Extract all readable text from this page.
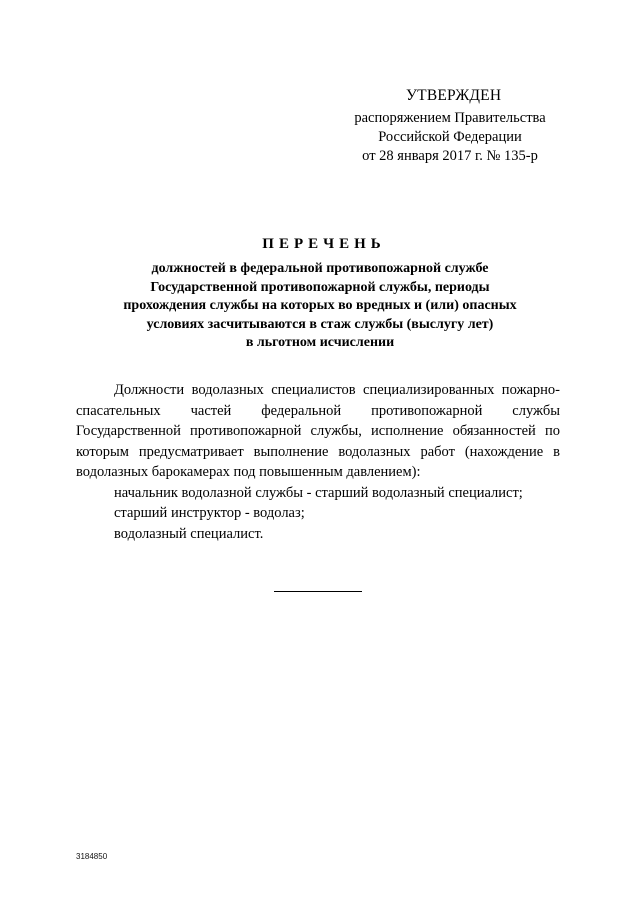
УТВЕРЖДЕН
распоряжением Правительства
Российской Федерации
от 28 января 2017 г. № 135-р
ПЕРЕЧЕНЬ
должностей в федеральной противопожарной службе
Государственной противопожарной службы, периоды
прохождения службы на которых во вредных и (или) опасных
условиях засчитываются в стаж службы (выслугу лет)
в льготном исчислении

Должности водолазных специалистов специализированных пожарно-спасательных частей федеральной противопожарной службы Государственной противопожарной службы, исполнение обязанностей по которым предусматривает выполнение водолазных работ (нахождение в водолазных барокамерах под повышенным давлением):

начальник водолазной службы - старший водолазный специалист;
старший инструктор - водолаз;
водолазный специалист.
3184850
